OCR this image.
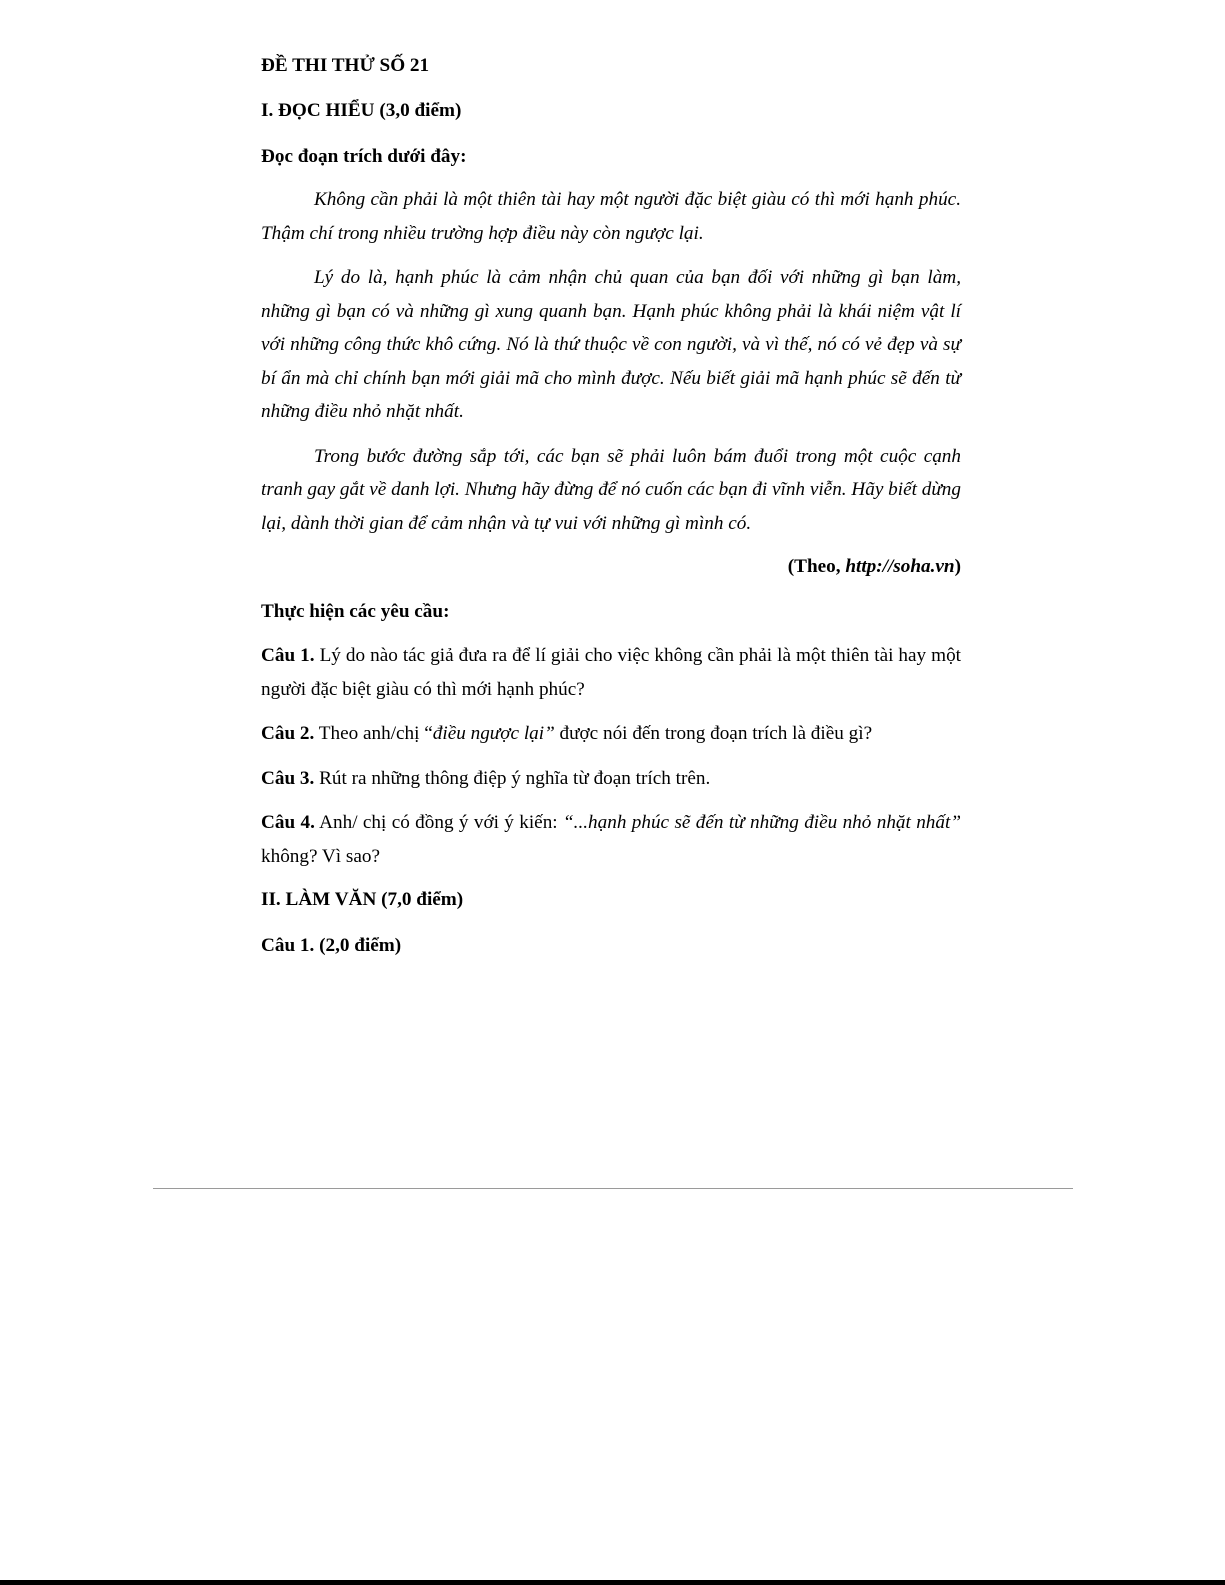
ĐỀ THI THỬ SỐ 21

I. ĐỌC HIỂU (3,0 điểm)

Đọc đoạn trích dưới đây:

Không cần phải là một thiên tài hay một người đặc biệt giàu có thì mới hạnh phúc. Thậm chí trong nhiều trường hợp điều này còn ngược lại.

Lý do là, hạnh phúc là cảm nhận chủ quan của bạn đối với những gì bạn làm, những gì bạn có và những gì xung quanh bạn. Hạnh phúc không phải là khái niệm vật lí với những công thức khô cứng. Nó là thứ thuộc về con người, và vì thế, nó có vẻ đẹp và sự bí ẩn mà chỉ chính bạn mới giải mã cho mình được. Nếu biết giải mã hạnh phúc sẽ đến từ những điều nhỏ nhặt nhất.

Trong bước đường sắp tới, các bạn sẽ phải luôn bám đuổi trong một cuộc cạnh tranh gay gắt về danh lợi. Nhưng hãy đừng để nó cuốn các bạn đi vĩnh viễn. Hãy biết dừng lại, dành thời gian để cảm nhận và tự vui với những gì mình có.

(Theo, http://soha.vn)

Thực hiện các yêu cầu:

Câu 1. Lý do nào tác giả đưa ra để lí giải cho việc không cần phải là một thiên tài hay một người đặc biệt giàu có thì mới hạnh phúc?

Câu 2. Theo anh/chị “điều ngược lại” được nói đến trong đoạn trích là điều gì?

Câu 3. Rút ra những thông điệp ý nghĩa từ đoạn trích trên.

Câu 4. Anh/ chị có đồng ý với ý kiến: “...hạnh phúc sẽ đến từ những điều nhỏ nhặt nhất” không? Vì sao?

II. LÀM VĂN (7,0 điểm)

Câu 1. (2,0 điểm)
